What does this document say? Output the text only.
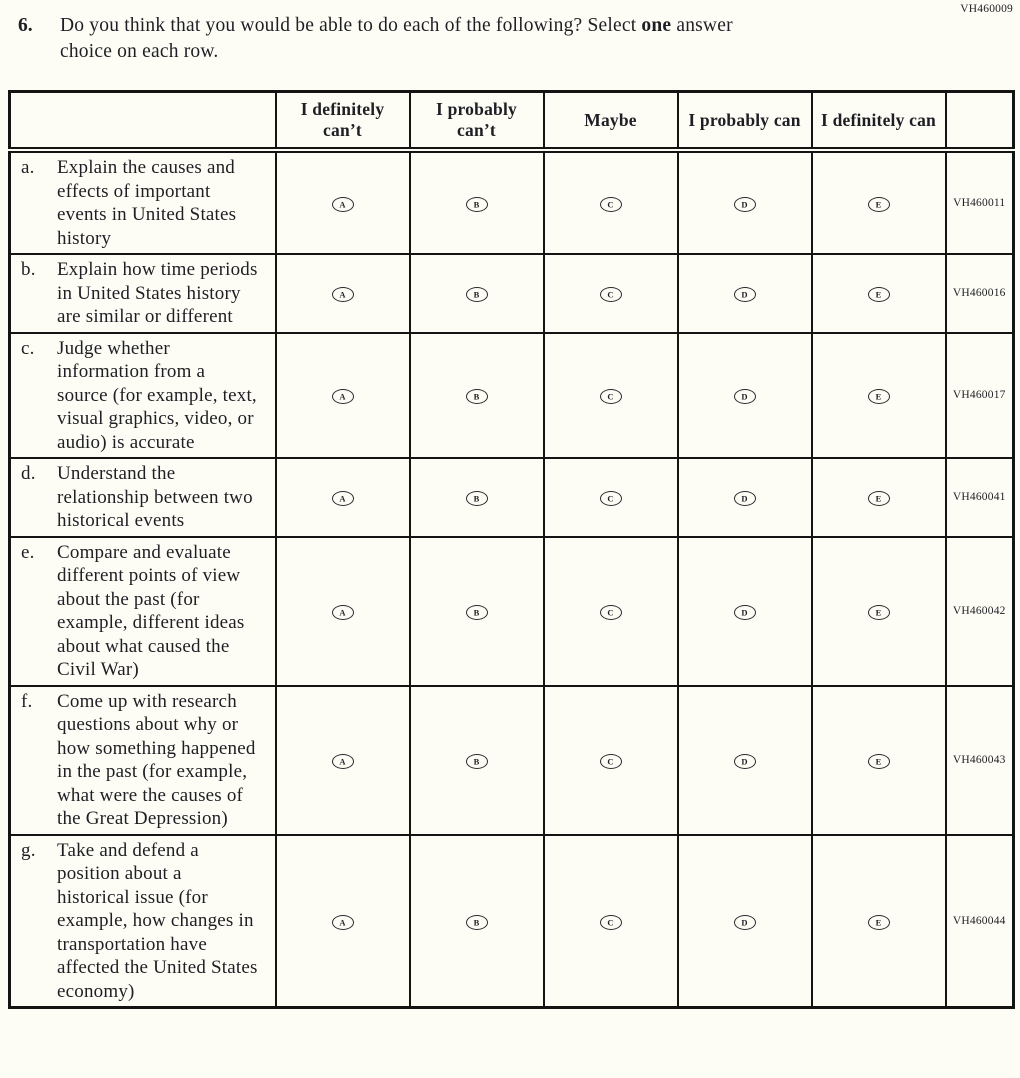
VH460009
6.	Do you think that you would be able to do each of the following? Select one answer
choice on each row.
	I definitely can’t	I probably can’t	Maybe	I probably can	I definitely can	

a. Explain the causes and effects of important events in United States history	A	B	C	D	E	VH460011

b. Explain how time periods in United States history are similar or different	A	B	C	D	E	VH460016

c. Judge whether information from a source (for example, text, visual graphics, video, or audio) is accurate	A	B	C	D	E	VH460017

d. Understand the relationship between two historical events	A	B	C	D	E	VH460041

e. Compare and evaluate different points of view about the past (for example, different ideas about what caused the Civil War)	A	B	C	D	E	VH460042

f. Come up with research questions about why or how something happened in the past (for example, what were the causes of the Great Depression)	A	B	C	D	E	VH460043

g. Take and defend a position about a historical issue (for example, how changes in transportation have affected the United States economy)	A	B	C	D	E	VH460044
